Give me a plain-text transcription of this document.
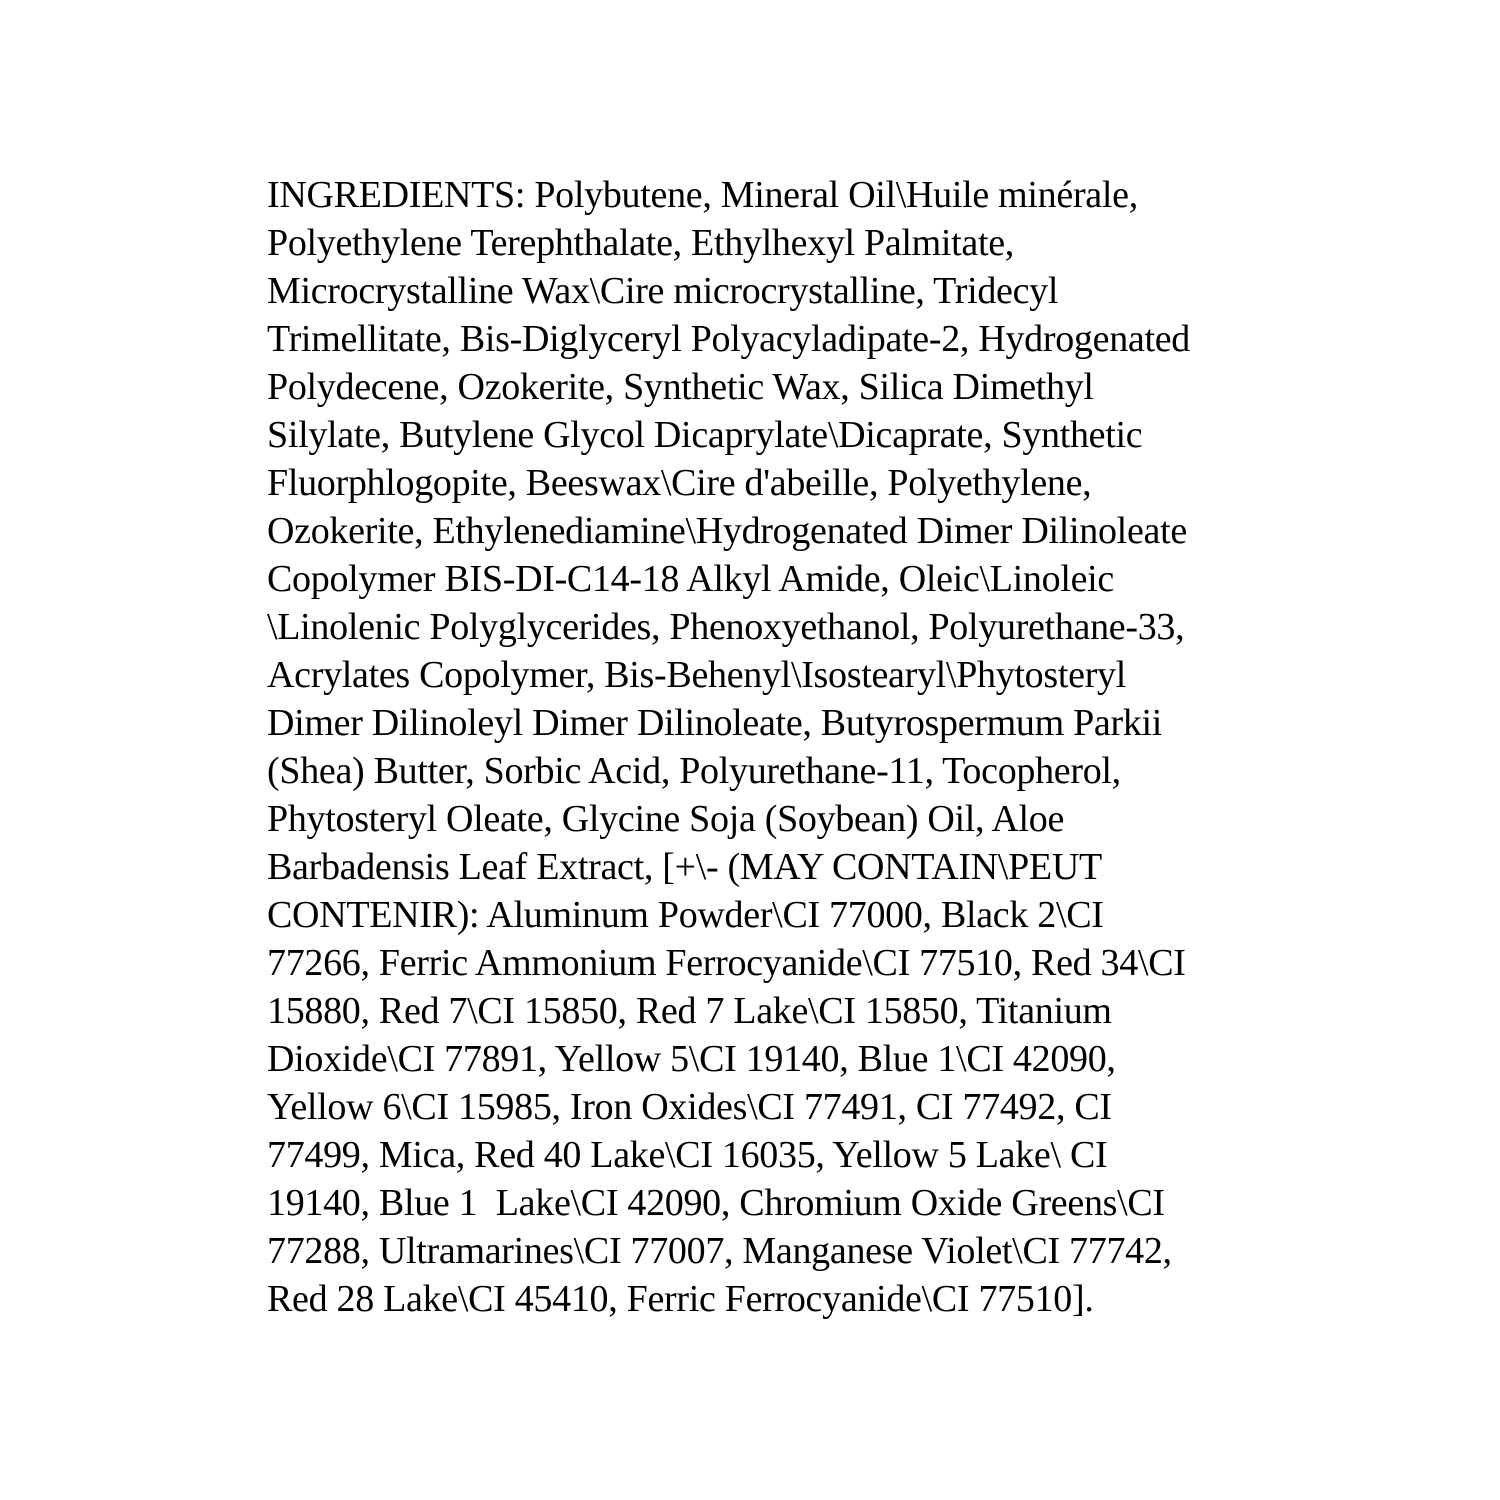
INGREDIENTS: Polybutene, Mineral Oil\Huile minérale,
Polyethylene Terephthalate, Ethylhexyl Palmitate,
Microcrystalline Wax\Cire microcrystalline, Tridecyl
Trimellitate, Bis-Diglyceryl Polyacyladipate-2, Hydrogenated
Polydecene, Ozokerite, Synthetic Wax, Silica Dimethyl
Silylate, Butylene Glycol Dicaprylate\Dicaprate, Synthetic
Fluorphlogopite, Beeswax\Cire d'abeille, Polyethylene,
Ozokerite, Ethylenediamine\Hydrogenated Dimer Dilinoleate
Copolymer BIS-DI-C14-18 Alkyl Amide, Oleic\Linoleic
\Linolenic Polyglycerides, Phenoxyethanol, Polyurethane-33,
Acrylates Copolymer, Bis-Behenyl\Isostearyl\Phytosteryl
Dimer Dilinoleyl Dimer Dilinoleate, Butyrospermum Parkii
(Shea) Butter, Sorbic Acid, Polyurethane-11, Tocopherol,
Phytosteryl Oleate, Glycine Soja (Soybean) Oil, Aloe
Barbadensis Leaf Extract, [+\- (MAY CONTAIN\PEUT
CONTENIR): Aluminum Powder\CI 77000, Black 2\CI
77266, Ferric Ammonium Ferrocyanide\CI 77510, Red 34\CI
15880, Red 7\CI 15850, Red 7 Lake\CI 15850, Titanium
Dioxide\CI 77891, Yellow 5\CI 19140, Blue 1\CI 42090,
Yellow 6\CI 15985, Iron Oxides\CI 77491, CI 77492, CI
77499, Mica, Red 40 Lake\CI 16035, Yellow 5 Lake\ CI
19140, Blue 1  Lake\CI 42090, Chromium Oxide Greens\CI
77288, Ultramarines\CI 77007, Manganese Violet\CI 77742,
Red 28 Lake\CI 45410, Ferric Ferrocyanide\CI 77510].
